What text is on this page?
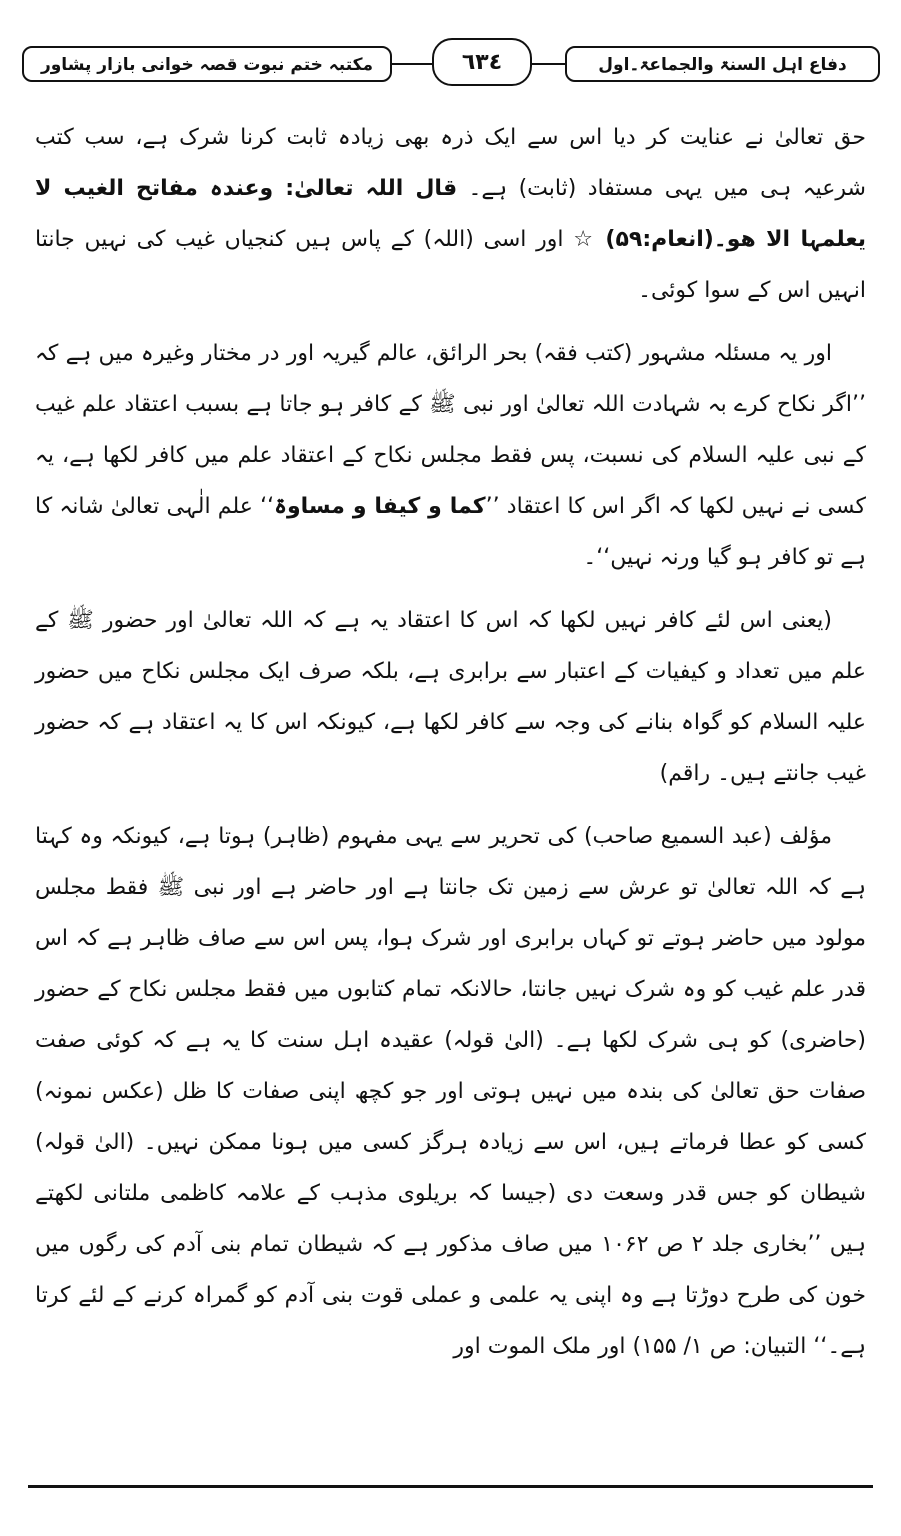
مکتبہ ختم نبوت قصہ خوانی بازار پشاور	٦٣٤	دفاع اہل السنۃ والجماعۃ۔اول

حق تعالیٰ نے عنایت کر دیا اس سے ایک ذرہ بھی زیادہ ثابت کرنا شرک ہے، سب کتب شرعیہ ہی میں یہی مستفاد (ثابت) ہے۔ قال اللہ تعالیٰ: وعندہ مفاتح الغیب لا یعلمہا الا ھو۔(انعام:۵۹) ☆ اور اسی (اللہ) کے پاس ہیں کنجیاں غیب کی نہیں جانتا انہیں اس کے سوا کوئی۔

اور یہ مسئلہ مشہور (کتب فقہ) بحر الرائق، عالم گیریہ اور در مختار وغیرہ میں ہے کہ ’’اگر نکاح کرے بہ شہادت اللہ تعالیٰ اور نبی ﷺ کے کافر ہو جاتا ہے بسبب اعتقاد علم غیب کے نبی علیہ السلام کی نسبت، پس فقط مجلس نکاح کے اعتقاد علم میں کافر لکھا ہے، یہ کسی نے نہیں لکھا کہ اگر اس کا اعتقاد ’’کما و کیفا و مساوۃ‘‘ علم الٰہی تعالیٰ شانہ کا ہے تو کافر ہو گیا ورنہ نہیں‘‘۔

(یعنی اس لئے کافر نہیں لکھا کہ اس کا اعتقاد یہ ہے کہ اللہ تعالیٰ اور حضور ﷺ کے علم میں تعداد و کیفیات کے اعتبار سے برابری ہے، بلکہ صرف ایک مجلس نکاح میں حضور علیہ السلام کو گواہ بنانے کی وجہ سے کافر لکھا ہے، کیونکہ اس کا یہ اعتقاد ہے کہ حضور غیب جانتے ہیں۔ راقم)

مؤلف (عبد السمیع صاحب) کی تحریر سے یہی مفہوم (ظاہر) ہوتا ہے، کیونکہ وہ کہتا ہے کہ اللہ تعالیٰ تو عرش سے زمین تک جانتا ہے اور حاضر ہے اور نبی ﷺ فقط مجلس مولود میں حاضر ہوتے تو کہاں برابری اور شرک ہوا، پس اس سے صاف ظاہر ہے کہ اس قدر علم غیب کو وہ شرک نہیں جانتا، حالانکہ تمام کتابوں میں فقط مجلس نکاح کے حضور (حاضری) کو ہی شرک لکھا ہے۔ (الیٰ قولہ) عقیدہ اہل سنت کا یہ ہے کہ کوئی صفت صفات حق تعالیٰ کی بندہ میں نہیں ہوتی اور جو کچھ اپنی صفات کا ظل (عکس نمونہ) کسی کو عطا فرماتے ہیں، اس سے زیادہ ہرگز کسی میں ہونا ممکن نہیں۔ (الیٰ قولہ) شیطان کو جس قدر وسعت دی (جیسا کہ بریلوی مذہب کے علامہ کاظمی ملتانی لکھتے ہیں ’’بخاری جلد ۲ ص ۱۰۶۲ میں صاف مذکور ہے کہ شیطان تمام بنی آدم کی رگوں میں خون کی طرح دوڑتا ہے وہ اپنی یہ علمی و عملی قوت بنی آدم کو گمراہ کرنے کے لئے کرتا ہے۔‘‘ التبیان: ص ۱/ ۱۵۵) اور ملک الموت اور
